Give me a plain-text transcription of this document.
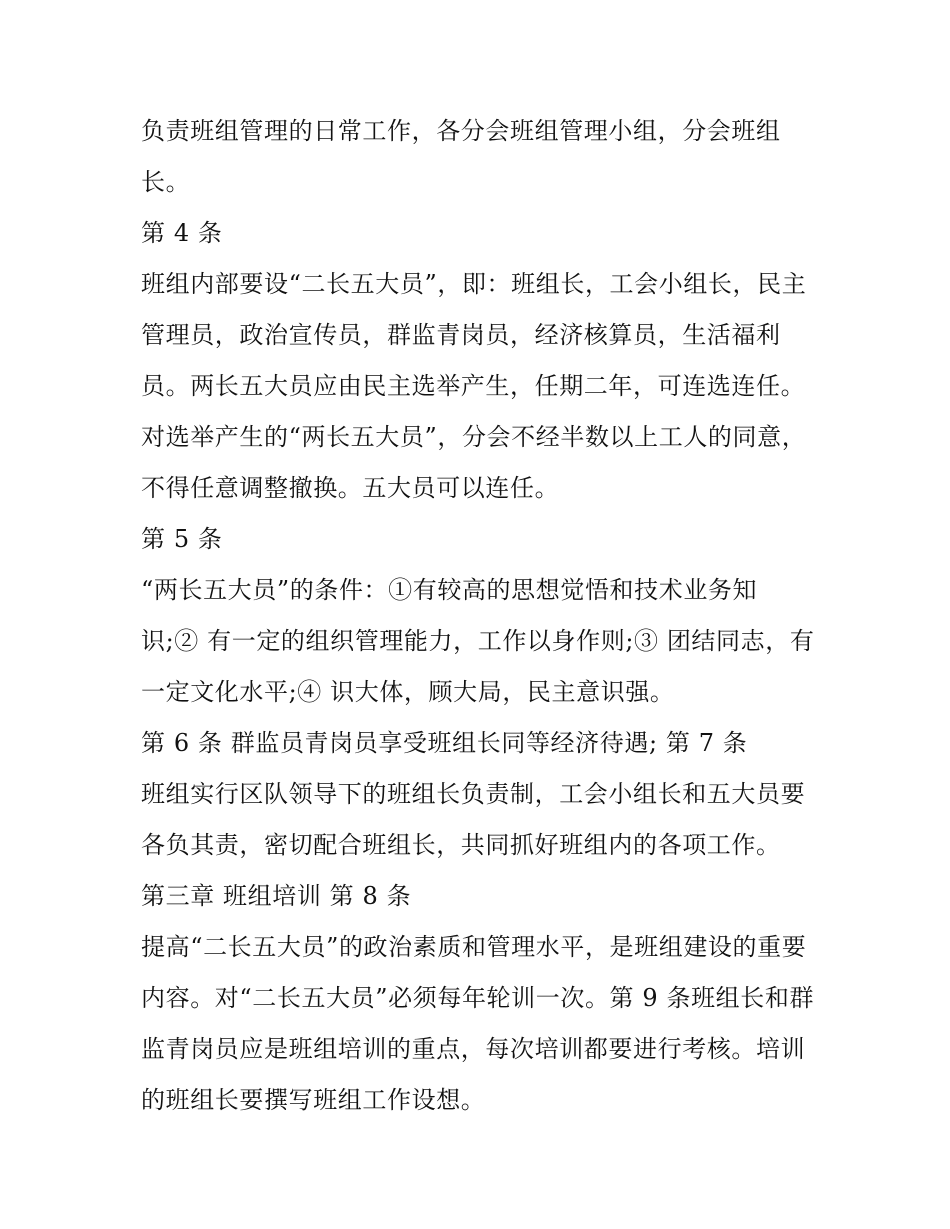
负责班组管理的日常工作，各分会班组管理小组，分会班组
长。
第 4 条
班组内部要设“二长五大员”，即：班组长，工会小组长，民主
管理员，政治宣传员，群监青岗员，经济核算员，生活福利
员。两长五大员应由民主选举产生，任期二年，可连选连任。
对选举产生的“两长五大员”，分会不经半数以上工人的同意，
不得任意调整撤换。五大员可以连任。
第 5 条
“两长五大员”的条件：①有较高的思想觉悟和技术业务知
识;② 有一定的组织管理能力，工作以身作则;③ 团结同志，有
一定文化水平;④ 识大体，顾大局，民主意识强。
第 6 条 群监员青岗员享受班组长同等经济待遇; 第 7 条
班组实行区队领导下的班组长负责制，工会小组长和五大员要
各负其责，密切配合班组长，共同抓好班组内的各项工作。
第三章 班组培训 第 8 条
提高“二长五大员”的政治素质和管理水平，是班组建设的重要
内容。对“二长五大员”必须每年轮训一次。第 9 条班组长和群
监青岗员应是班组培训的重点，每次培训都要进行考核。培训
的班组长要撰写班组工作设想。
